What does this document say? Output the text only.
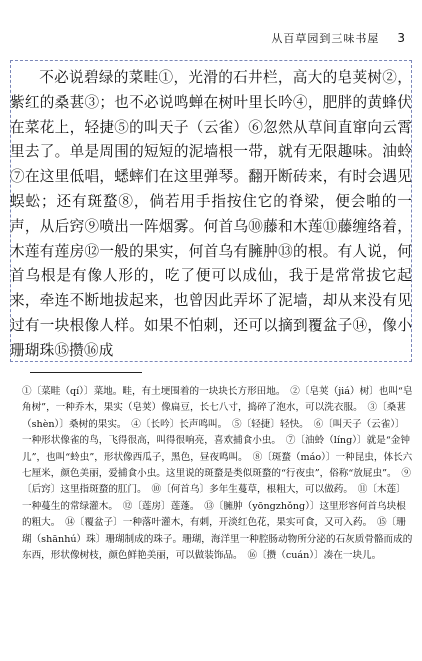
从百草园到三味书屋 3

不必说碧绿的菜畦①，光滑的石井栏，高大的皂荚树②，紫红的桑葚③；也不必说鸣蝉在树叶里长吟④，肥胖的黄蜂伏在菜花上，轻捷⑤的叫天子（云雀）⑥忽然从草间直窜向云霄里去了。单是周围的短短的泥墙根一带，就有无限趣味。油蛉⑦在这里低唱，蟋蟀们在这里弹琴。翻开断砖来，有时会遇见蜈蚣；还有斑蝥⑧，倘若用手指按住它的脊梁，便会啪的一声，从后窍⑨喷出一阵烟雾。何首乌⑩藤和木莲⑪藤缠络着，木莲有莲房⑫一般的果实，何首乌有臃肿⑬的根。有人说，何首乌根是有像人形的，吃了便可以成仙，我于是常常拔它起来，牵连不断地拔起来，也曾因此弄坏了泥墙，却从来没有见过有一块根像人样。如果不怕刺，还可以摘到覆盆子⑭，像小珊瑚珠⑮攒⑯成

①〔菜畦（qí）〕菜地。畦，有土埂围着的一块块长方形田地。　②〔皂荚（jiá）树〕也叫“皂角树”，一种乔木，果实（皂荚）像扁豆，长七八寸，捣碎了泡水，可以洗衣服。　③〔桑葚（shèn）〕桑树的果实。　④〔长吟〕长声鸣叫。　⑤〔轻捷〕轻快。　⑥〔叫天子（云雀）〕一种形状像雀的鸟，飞得很高，叫得很响亮，喜欢捕食小虫。　⑦〔油蛉（líng）〕就是“金钟儿”，也叫“蛉虫”，形状像西瓜子，黑色，昼夜鸣叫。　⑧〔斑蝥（máo）〕一种昆虫，体长六七厘米，颜色美丽，爱捕食小虫。这里说的斑蝥是类似斑蝥的“行夜虫”，俗称“放屁虫”。　⑨〔后窍〕这里指斑蝥的肛门。　⑩〔何首乌〕多年生蔓草，根粗大，可以做药。　⑪〔木莲〕一种蔓生的常绿灌木。　⑫〔莲房〕莲蓬。　⑬〔臃肿（yōngzhǒng）〕这里形容何首乌块根的粗大。　⑭〔覆盆子〕一种落叶灌木，有刺，开淡红色花，果实可食，又可入药。　⑮〔珊瑚（shānhú）珠〕珊瑚制成的珠子。珊瑚，海洋里一种腔肠动物所分泌的石灰质骨骼而成的东西，形状像树枝，颜色鲜艳美丽，可以做装饰品。　⑯〔攒（cuán）〕凑在一块儿。
